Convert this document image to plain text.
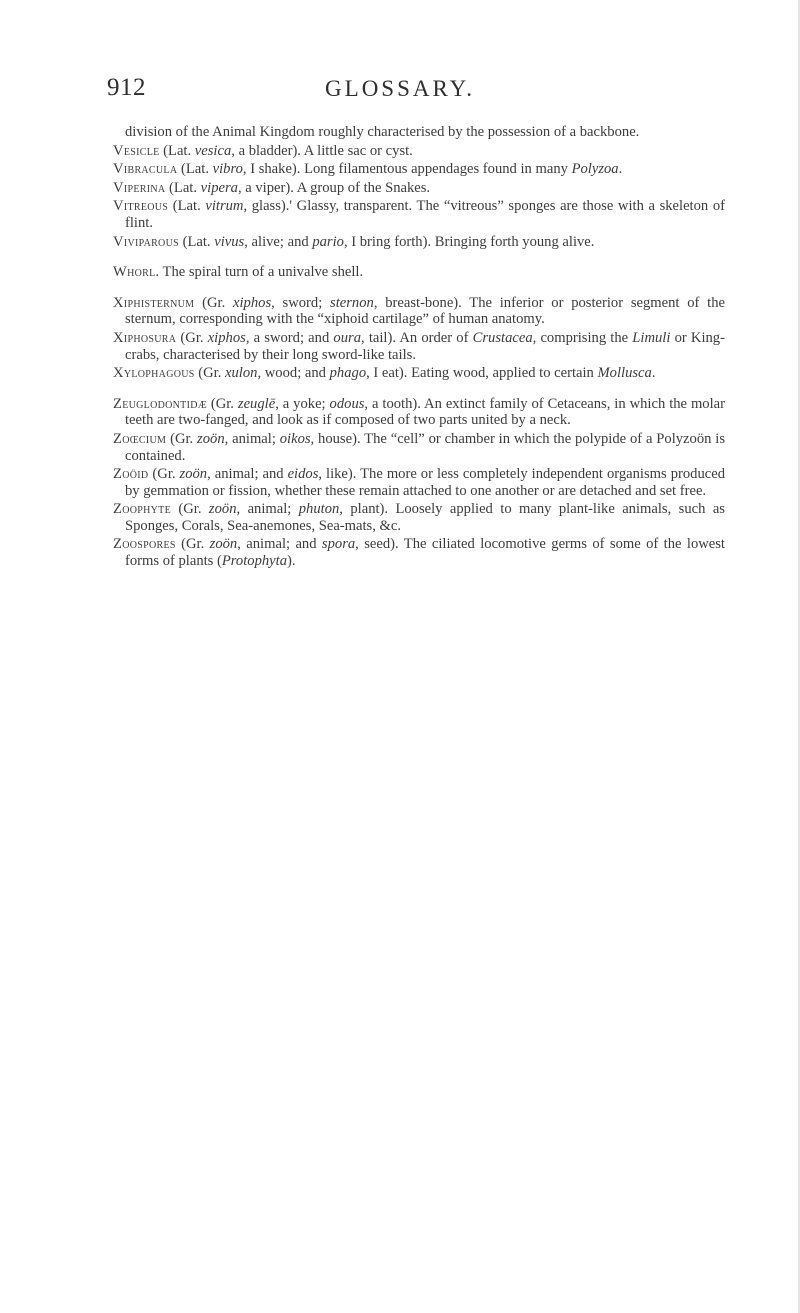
912	GLOSSARY.

division of the Animal Kingdom roughly characterised by the possession of a backbone.

Vesicle (Lat. vesica, a bladder). A little sac or cyst.

Vibracula (Lat. vibro, I shake). Long filamentous appendages found in many Polyzoa.

Viperina (Lat. vipera, a viper). A group of the Snakes.

Vitreous (Lat. vitrum, glass).' Glassy, transparent. The “vitreous” sponges are those with a skeleton of flint.

Viviparous (Lat. vivus, alive; and pario, I bring forth). Bringing forth young alive.

Whorl. The spiral turn of a univalve shell.

Xiphisternum (Gr. xiphos, sword; sternon, breast-bone). The inferior or posterior segment of the sternum, corresponding with the “xiphoid cartilage” of human anatomy.

Xiphosura (Gr. xiphos, a sword; and oura, tail). An order of Crustacea, comprising the Limuli or King-crabs, characterised by their long sword-like tails.

Xylophagous (Gr. xulon, wood; and phago, I eat). Eating wood, applied to certain Mollusca.

Zeuglodontidæ (Gr. zeuglē, a yoke; odous, a tooth). An extinct family of Cetaceans, in which the molar teeth are two-fanged, and look as if composed of two parts united by a neck.

Zoœcium (Gr. zoön, animal; oikos, house). The “cell” or chamber in which the polypide of a Polyzoön is contained.

Zoöid (Gr. zoön, animal; and eidos, like). The more or less completely independent organisms produced by gemmation or fission, whether these remain attached to one another or are detached and set free.

Zoophyte (Gr. zoön, animal; phuton, plant). Loosely applied to many plant-like animals, such as Sponges, Corals, Sea-anemones, Sea-mats, &c.

Zoospores (Gr. zoön, animal; and spora, seed). The ciliated locomotive germs of some of the lowest forms of plants (Protophyta).
